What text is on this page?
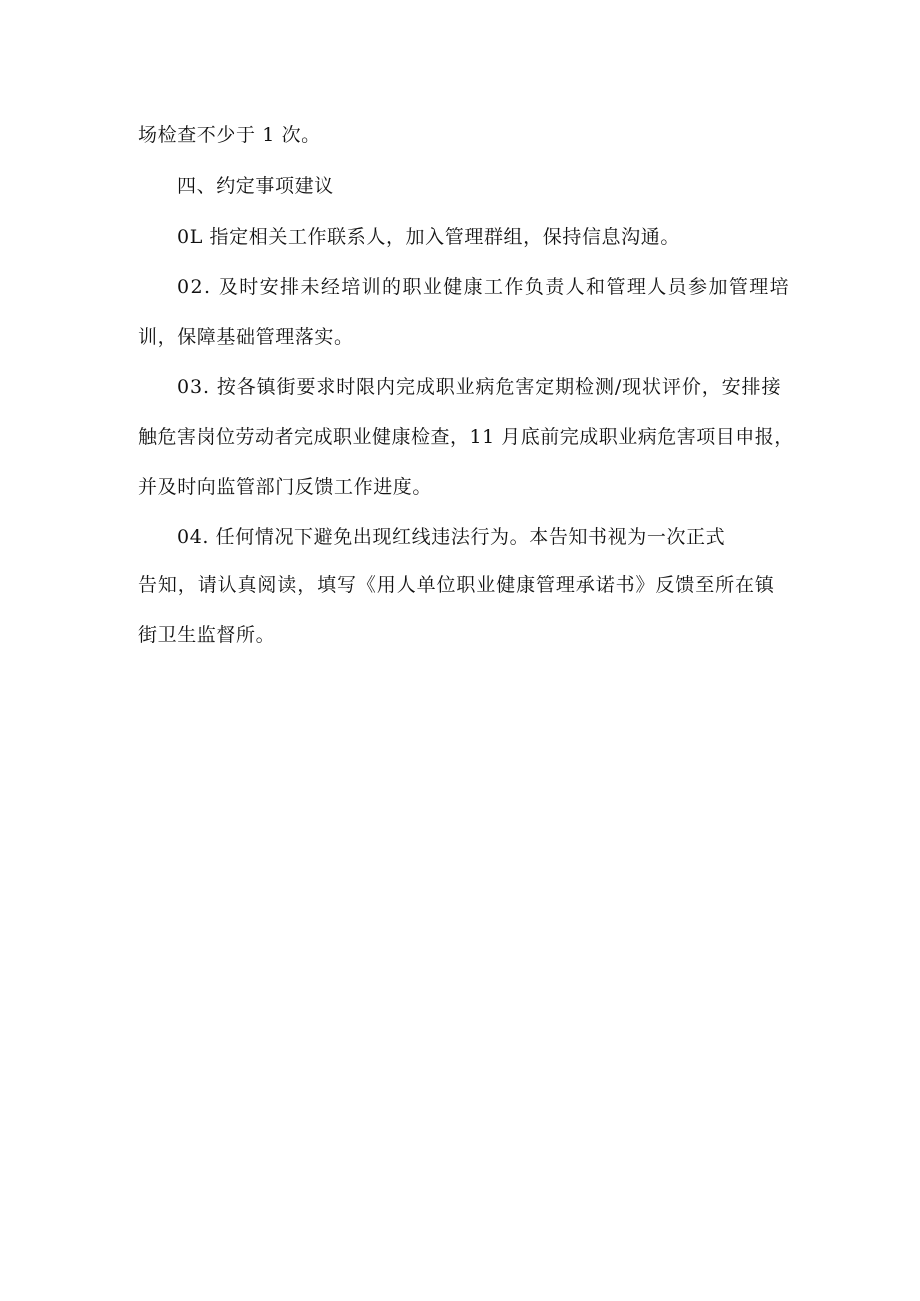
场检查不少于 1 次。
四、约定事项建议
0L 指定相关工作联系人，加入管理群组，保持信息沟通。
02. 及时安排未经培训的职业健康工作负责人和管理人员参加管理培
训，保障基础管理落实。
03. 按各镇街要求时限内完成职业病危害定期检测/现状评价，安排接
触危害岗位劳动者完成职业健康检查，11 月底前完成职业病危害项目申报，
并及时向监管部门反馈工作进度。
04. 任何情况下避免出现红线违法行为。本告知书视为一次正式
告知，请认真阅读，填写《用人单位职业健康管理承诺书》反馈至所在镇
街卫生监督所。
